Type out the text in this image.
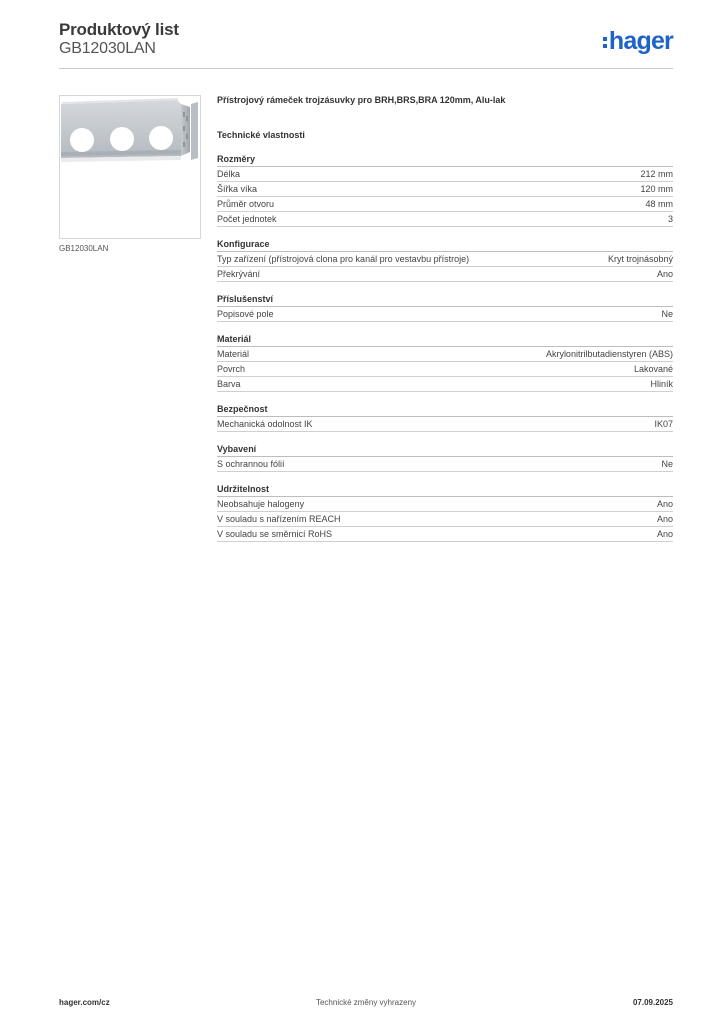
Produktový list
GB12030LAN	hager
GB12030LAN
Přístrojový rámeček trojzásuvky pro BRH,BRS,BRA 120mm, Alu-lak
Technické vlastnosti
Rozměry
Délka	212 mm
Šířka víka	120 mm
Průměr otvoru	48 mm
Počet jednotek	3
Konfigurace
Typ zařízení (přístrojová clona pro kanál pro vestavbu přístroje)	Kryt trojnásobný
Překrývání	Ano
Příslušenství
Popisové pole	Ne
Materiál
Materiál	Akrylonitrilbutadienstyren (ABS)
Povrch	Lakované
Barva	Hliník
Bezpečnost
Mechanická odolnost IK	IK07
Vybavení
S ochrannou fólií	Ne
Udržitelnost
Neobsahuje halogeny	Ano
V souladu s nařízením REACH	Ano
V souladu se směrnicí RoHS	Ano
Technické změny vyhrazeny
hager.com/cz	07.09.2025
